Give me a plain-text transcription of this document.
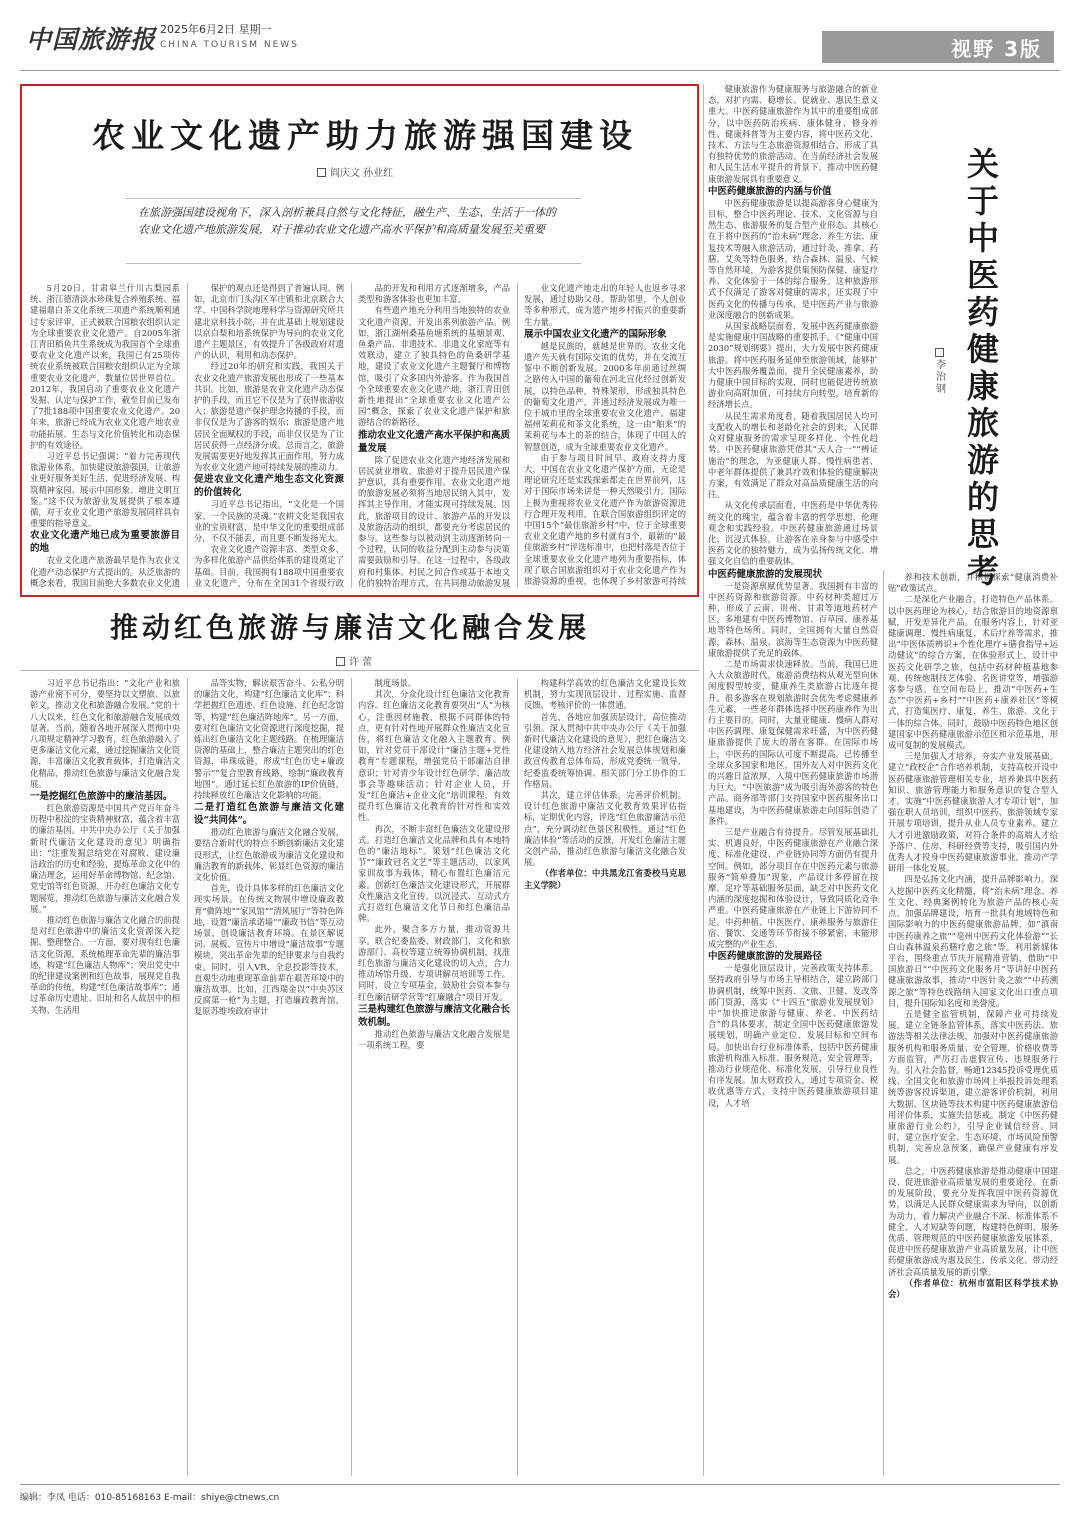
中国旅游报 2025年6月2日 星期一
CHINA TOURISM NEWS	视野 3版
农业文化遗产助力旅游强国建设
阎庆文 孙业红
在旅游强国建设视角下，深入剖析兼具自然与文化特征，融生产、生态、生活于一体的农业文化遗产地旅游发展，对于推动农业文化遗产高水平保护和高质量发展至关重要

5月20日，甘肃皋兰什川古梨园系统、浙江德清淡水珍珠复合养殖系统、福建福鼎白茶文化系统三项遗产系统顺利通过专家评审，正式被联合国粮农组织认定为全球重要农业文化遗产。自2005年浙江青田稻鱼共生系统成为我国首个全球重要农业文化遗产以来，我国已有25项传统农业系统被联合国粮农组织认定为全球重要农业文化遗产，数量位居世界首位。2012年，我国启动了重要农业文化遗产发掘、认定与保护工作，截至目前已发布了7批188项中国重要农业文化遗产。20年来，旅游已经成为农业文化遗产地农业功能拓展、生态与文化价值转化和动态保护的有效途径。

习近平总书记强调：“着力完善现代旅游业体系，加快建设旅游强国，让旅游业更好服务美好生活、促进经济发展、构筑精神家园、展示中国形象、增进文明互鉴。”这不仅为旅游业发展提供了根本遵循，对于农业文化遗产旅游发展同样具有重要的指导意义。

农业文化遗产地已成为重要旅游目的地

农业文化遗产旅游最早是作为农业文化遗产动态保护方式提出的。从泛旅游的概念来看，我国目前绝大多数农业文化遗

保护的观点还是得到了普遍认同。例如，北京市门头沟区军庄镇和北京联合大学、中国科学院地理科学与资源研究所共建北京科技小院，并在此基础上规划建设以京白梨和培系统保护为导向的农业文化遗产主题景区，有效提升了各级政府对遗产的认识，利用和动态保护。

经过20年的研究和实践，我国关于农业文化遗产旅游发展也形成了一些基本共识。比如，旅游是农业文化遗产动态保护的手段，而且它不仅是为了获得旅游收入；旅游是遗产保护理念传播的手段，而非仅仅是为了游客的娱乐；旅游是遗产地居民全面赋权的手段，而非仅仅是为了让居民获得一点经济分成。总而言之，旅游发展需要更好地发挥其正面作用，努力成为农业文化遗产地可持续发展的推动力。

促进农业文化遗产地生态文化资源的价值转化

习近平总书记指出，“文化是一个国家、一个民族的灵魂。”农耕文化是我国农业的宝贵财富，是中华文化的重要组成部分，不仅不能丢，而且要不断发扬光大。

农业文化遗产资源丰富、类型众多，为多样化旅游产品供给体系的建设奠定了基础。目前，我国拥有188项中国重要农业文化遗产，分布在全国31个省级行政

品的开发和利用方式逐渐增多，产品类型和游客体验也更加丰富。

有些遗产地充分利用当地独特的农业文化遗产资源，开发出系列旅游产品。例如，浙江湖州桑基鱼塘系统的基塘景观、鱼桑产品、非遗技术、非遗文化家庭等有效联动，建立了独具特色的鱼桑研学基地，建设了农业文化遗产主题餐厅和博物馆，吸引了众多国内外游客。作为我国首个全球重要农业文化遗产地，浙江青田创新性地提出“全球重要农业文化遗产公园”概念，探索了农业文化遗产保护和旅游结合的新路径。

推动农业文化遗产高水平保护和高质量发展

除了促进农业文化遗产地经济发展和居民就业增收，旅游对于提升居民遗产保护意识，具有重要作用。农业文化遗产地的旅游发展必须将当地居民纳入其中，发挥其主导作用，才能实现可持续发展。因此，旅游项目的设计、旅游产品的开发以及旅游活动的组织，都要充分考虑居民的参与。这些参与以被动到主动逐渐转向一个过程，认同的收益分配到主动参与决策需要鼓励和引导。在这一过程中，各级政府和村集体、村民之间合作或基于本地文化的独特治理方式，在共同推动旅游发展

业文化遗产地走出的年轻人也返乡寻求发展，通过协助父母、帮助邻里，个人创业等多种形式，成为遗产地乡村振兴的重要新生力量。

展示中国农业文化遗产的国际形象

越是民族的，就越是世界的。农业文化遗产先天就有国际交流的优势，并在交流互鉴中不断创新发展。2000多年前通过丝绸之路传入中国的葡萄在河北宣化经过创新发展，以特色品种，特殊架形，形成独具特色的葡萄文化遗产，并通过经济发展成为唯一位于城市里的全球重要农业文化遗产。福建福州茉莉花和茶文化系统，这一由“舶来”的茉莉花与本土的茶的结合，体现了中国人的智慧创造，成为全球重要农业文化遗产。

由于参与项目时间早、政府支持力度大，中国在农业文化遗产保护方面，无论是理论研究还是实践探索都走在世界前列，这对于国际市场来讲是一种天然吸引力。国际上极为重视将农业文化遗产作为旅游资源进行合理开发利用，在联合国旅游组织评定的中国15个“最佳旅游乡村”中，位于全球重要农业文化遗产地的乡村就有3个，最新的“最佳旅游乡村”评选标准中，也把村落是否位于全球重要农业文化遗产地列为重要指标，体现了联合国旅游组织对于农业文化遗产作为旅游资源的重视，也体现了乡村旅游可持续

推动红色旅游与廉洁文化融合发展
许 蕾

习近平总书记指出：“文化产业和旅游产业密不可分，要坚持以文塑旅、以旅彰文，推动文化和旅游融合发展。”党的十八大以来，红色文化和旅游融合发展成效显著。当前，随着各地开展深入贯彻中央八项规定精神学习教育，红色旅游融入了更多廉洁文化元素，通过挖掘廉洁文化资源，丰富廉洁文化教育载体，打造廉洁文化精品，推动红色旅游与廉洁文化融合发展。

一是挖掘红色旅游中的廉洁基因。

红色旅游资源是中国共产党百年奋斗历程中积淀的宝贵精神财富，蕴含着丰富的廉洁基因。中共中央办公厅《关于加强新时代廉洁文化建设的意见》明确指出：“注重发掘总结党在对腐败、建设廉洁政治的历史和经验，提炼革命文化中的廉洁理念，运用好革命博物馆、纪念馆、党史馆等红色资源，开办红色廉洁文化专题展览，推动红色旅游与廉洁文化融合发展。”

推动红色旅游与廉洁文化融合的前提是对红色旅游中的廉洁文化资源深入挖掘、整理整合。一方面，要对现有红色廉洁文化资源，系统梳理革命先辈的廉洁事迹，构建“红色廉洁人物库”；突出党史中的纪律建设案例和红色故事，展现党自我革命的传统，构建“红色廉洁故事库”；通过革命历史遗址、旧址和名人故居中的相关物、生活用

品等实物，解读艰苦奋斗、公私分明的廉洁文化，构建“红色廉洁文化库”；科学把握红色遗迹、红色设施、红色纪念馆等，构建“红色廉洁阵地库”。另一方面，要对红色廉洁文化资源进行深度挖掘，提炼出红色廉洁文化主题线路。在梳理廉洁资源的基础上，整合廉洁主题突出的红色资源，串珠成链，形成“红色历史+廉政警示”“复合型教育线路，绘制“廉政教育地图”。通过延长红色旅游的IP价值链，持续释放红色廉洁文化影响的功能。

二是打造红色旅游与廉洁文化建设“共同体”。

推动红色旅游与廉洁文化融合发展，要结合新时代的特点不断创新廉洁文化建设形式，让红色旅游成为廉洁文化建设和廉洁教育的新载体，彰显红色资源的廉洁文化价值。

首先，设计具体多样的红色廉洁文化现实场景。在传统文物展中增设廉政教育“微阵地”“家风馆”“清风展厅”等特色阵地，设置“廉洁承诺墙”“廉政书信”等互动场景，创设廉洁教育环境。在景区解说词、展板、宣传片中增设“廉洁故事”专题模块，突出革命先辈的纪律要求与自我约束。同时，引入VR、全息投影等技术，直观生动地重现革命前辈在艰苦环境中的廉洁故事。比如，江西瑞金以“中央苏区反腐第一枪”为主题，打造廉政教育馆，复原苏维埃政府审计

制度场景。

其次，分众化设计红色廉洁文化教育内容。红色廉洁文化教育要突出“人”为核心，注重因材施教，根据不同群体的特点，更有针对性地开展群众性廉洁文化宣传，将红色廉洁文化融入主题教育。例如，针对党员干部设计“廉洁主题+党性教育”专题课程，增强党员干部廉洁自律意识；针对青少年设计红色研学、廉洁故事会等趣味活动；针对企业人员，开发“红色廉洁+企业文化”培训课程，有效提升红色廉洁文化教育的针对性和实效性。

再次，不断丰富红色廉洁文化建设形式。打造红色廉洁文化品牌和具有本地特色的“廉洁地标”。策划“红色廉洁文化节”“廉政冠名文艺”等主题活动，以家风家训故事为载体，精心布置红色廉洁元素。创新红色廉洁文化建设形式，开展群众性廉洁文化宣传，以沉浸式、互动式方式打造红色廉洁文化节日和红色廉洁品牌。

此外，聚合多方力量，推动资源共享。联合纪委监委、财政部门、文化和旅游部门、高校等建立统筹协调机制，找准红色旅游与廉洁文化建设的切入点，合力推动场馆升级、专项讲解员培训等工作。同时，设立专项基金，鼓励社会资本参与红色廉洁研学营等“红廉融合”项目开发。

三是构建红色旅游与廉洁文化融合长效机制。

推动红色旅游与廉洁文化融合发展是一项系统工程，要

构建科学高效的红色廉洁文化建设长效机制，努力实现顶层设计、过程实施、监督反馈、考核评价的一体贯通。

首先，各地应加强顶层设计，高位推动引领。深入贯彻中共中央办公厅《关于加强新时代廉洁文化建设的意见》，把红色廉洁文化建设纳入地方经济社会发展总体规划和廉政宣传教育总体布局，形成党委统一领导、纪委监委统筹协调、相关部门分工协作的工作格局。

其次，建立评估体系，完善评价机制。设计红色旅游中廉洁文化教育效果评估指标，定期优化内容，评选“红色旅游廉洁示范点”，充分调动红色景区积极性。通过“红色廉洁体验”等活动的反馈，开发红色廉洁主题文创产品，推动红色旅游与廉洁文化融合发展。

（作者单位：中共黑龙江省委校马克思主义学院）

健康旅游作为健康服务与旅游融合的新业态，对扩内需、稳增长、促就业、惠民生意义重大。中医药健康旅游作为其中的重要组成部分，以中医药防治疾病、康体健身、修身养性、健康科普等为主要内容，将中医药文化、技术、方法与生态旅游资源相结合，形成了具有独特优势的旅游活动。在当前经济社会发展和人民生活水平提升的背景下，推动中医药健康旅游发展具有重要意义。

中医药健康旅游的内涵与价值

中医药健康旅游是以提高游客身心健康为目标，整合中医药理论、技术、文化资源与自然生态、旅游服务的复合型产业形态。其核心在于将中医药的“治未病”理念、养生方法、康复技术等融入旅游活动，通过针灸、推拿、药膳、艾灸等特色服务，结合森林、温泉、气候等自然环境，为游客提供集预防保健、康复疗养、文化体验于一体的综合服务。这种旅游形式不仅满足了游客对健康的需求，还实现了中医药文化的传播与传承，是中医药产业与旅游业深度融合的创新成果。

从国家战略层面看，发展中医药健康旅游是实施健康中国战略的重要抓手。《“健康中国2030”规划纲要》提出，大力发展中医药健康旅游。将中医药服务延伸至旅游领域，能够扩大中医药服务覆盖面，提升全民健康素养，助力健康中国目标的实现，同时也能促进传统旅游业向高附加值、可持续方向转型，培育新的经济增长点。

从民生需求角度看，随着我国居民人均可支配收入的增长和老龄化社会的到来，人民群众对健康服务的需求呈现多样化、个性化趋势。中医药健康旅游凭借其“天人合一”“辨证施治”的理念，为亚健康人群、慢性病患者、中老年群体提供了兼具疗效和体验的健康解决方案，有效满足了群众对高品质健康生活的向往。

从文化传承层面看，中医药是中华优秀传统文化的瑰宝，蕴含着丰富的哲学思想、伦理观念和实践经验。中医药健康旅游通过场景化、沉浸式体验，让游客在亲身参与中感受中医药文化的独特魅力，成为弘扬传统文化、增强文化自信的重要载体。

中医药健康旅游的发展现状

一是资源禀赋优势显著。我国拥有丰富的中医药资源和旅游资源。中药材种类超过万种，形成了云南、贵州、甘肃等道地药材产区，多地建有中医药博物馆、百草园、康养基地等特色场所。同时，全国拥有大量自然资源，森林、温泉、滨海等生态资源为中医药健康旅游提供了充足的载体。

二是市场需求快速释放。当前，我国已进入大众旅游时代，旅游消费结构从观光型向休闲度假型转变，健康养生类旅游占比逐年提升。很多游客在规划旅游时会优先考虑健康养生元素，一些老年群体选择中医药康养作为出行主要目的。同时，大量亚健康、慢病人群对中医药调理、康复保健需求旺盛，为中医药健康旅游提供了庞大的潜在客群。在国际市场上，中医药的国际认可度不断提高，已传播至全球众多国家和地区，国外友人对中医药文化的兴趣日益浓厚，入境中医药健康旅游市场潜力巨大。“中医旅游”成为吸引海外游客的特色产品。商务部等部门支持国家中医药服务出口基地建设，为中医药健康旅游走向国际创造了条件。

三是产业融合有待提升。尽管发展基础扎实、机遇良好，中医药健康旅游在产业融合深度、标准化建设、产业链协同等方面仍有提升空间。例如，部分项目存在中医药元素与旅游服务“简单叠加”现象，产品设计多停留在按摩、足疗等基础服务层面，缺乏对中医药文化内涵的深度挖掘和体验设计，导致同质化竞争严重。中医药健康旅游在产业链上下游协同不足，中药种植、中医医疗、康养服务与旅游住宿、餐饮、交通等环节衔接不够紧密，未能形成完整的产业生态。

中医药健康旅游的发展路径

一是强化顶层设计，完善政策支持体系。坚持政府引导与市场主导相结合，建立跨部门协调机制，统筹中医药、文旅、卫健、发改等部门资源，落实《“十四五”旅游业发展规划》中“加快推进旅游与健康、养老、中医药结合”的具体要求，制定全国中医药健康旅游发展规划，明确产业定位、发展目标和空间布局。加快出台行业标准体系，包括中医药健康旅游机构准入标准、服务规范、安全管理等，推动行业规范化、标准化发展，引导行业良性有序发展。加大财政投入，通过专项资金、税收优惠等方式，支持中医药健康旅游项目建设，人才培

关于中医药健康旅游的思考
李治钢

养和技术创新，并积极探索“健康消费补贴”政策试点。

二是深化产业融合，打造特色产品体系。以中医药理论为核心，结合旅游目的地资源禀赋，开发差异化产品。在服务内容上，针对亚健康调理、慢性病康复、术后疗养等需求，推出“中医体质辨识+个性化理疗+膳食指导+运动健议”的综合方案，在体验形式上，设计中医药文化研学之旅，包括中药材种植基地参观、传统炮制技艺体验、名医讲堂等，增强游客参与感。在空间布局上，推动“中医药+生态”“中医药+乡村”“中医药+康养社区”等模式，打造集医疗、康复、养生、旅游、文化于一体的综合体。同时，鼓励中医药特色地区创建国家中医药健康旅游示范区和示范基地，形成可复制的发展模式。

三是加强人才培养，夯实产业发展基础。建立“政校企”合作培养机制，支持高校开设中医药健康旅游管理相关专业，培养兼具中医药知识、旅游管理能力和服务意识的复合型人才。实施“中医药健康旅游人才专项计划”，加强在职人员培训，组织中医药、旅游领域专家开展专项培训，提升从业人员专业素养。建立人才引进激励政策，对符合条件的高端人才给予落户、住房、科研经费等支持，吸引国内外优秀人才投身中医药健康旅游事业，推动产学研用一体化发展。

四是弘扬文化内涵，提升品牌影响力。深入挖掘中医药文化精髓，将“治未病”理念、养生文化、经典案例转化为旅游产品的核心卖点。加强品牌建设，培育一批具有地域特色和国际影响力的中医药健康旅游品牌，如“滇南中医药康养之旅”“亳州中医药文化体验游”“长白山森林温泉药膳疗愈之旅”等。利用新媒体平台，围绕重点节庆开展精准营销，借助“中国旅游日”“中医药文化服务月”等讲好中医药健康旅游故事，推动“中医针灸之旅”“中药溯源之旅”等特色线路纳入国家文化出口重点项目，提升国际知名度和美誉度。

五是健全监管机制，保障产业可持续发展。建立全链条监管体系，落实中医药法、旅游法等相关法律法规，加强对中医药健康旅游服务机构和服务质量、安全管理、价格收费等方面监管，严厉打击虚假宣传、违规服务行为。引入社会监督，畅通12345投诉受理优质线、全国文化和旅游市场网上举报投诉处理系统等游客投诉渠道，建立游客评价机制，利用大数据、区块链等技术构建中医药健康旅游信用评价体系，实施失信惩戒。制定《中医药健康旅游行业公约》，引导企业诚信经营。同时，建立医疗安全、生态环境、市场风险预警机制，完善应急预案，确保产业健康有序发展。

总之，中医药健康旅游是推动健康中国建设、促进旅游业高质量发展的重要途径。在新的发展阶段，要充分发挥我国中医药资源优势，以满足人民群众健康需求为导向，以创新为动力，着力解决产业融合不深、标准体系不健全、人才短缺等问题，构建特色鲜明、服务优质、管理规范的中医药健康旅游发展体系，促进中医药健康旅游产业高质量发展，让中医药健康旅游成为惠及民生、传承文化、带动经济社会高质量发展的新引擎。

（作者单位：杭州市富阳区科学技术协会）

编辑：李凤 电话：010-85168163 E-mail：shiye@ctnews.cn
